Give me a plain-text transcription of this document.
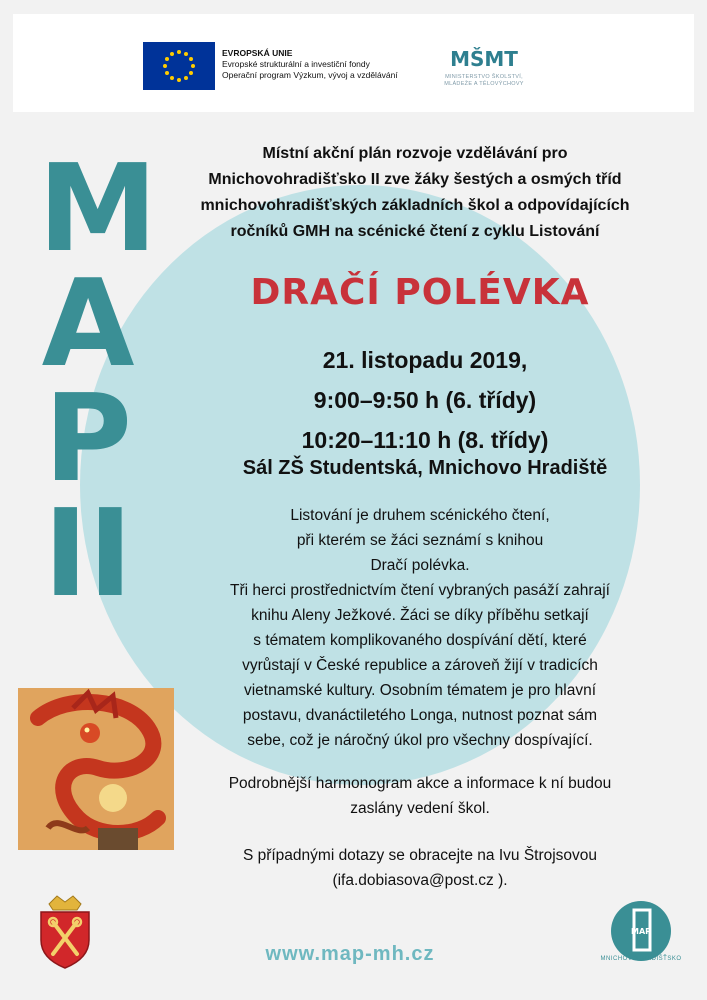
EVROPSKÁ UNIE
Evropské strukturální a investiční fondy
Operační program Výzkum, vývoj a vzdělávání
MŠMT
MINISTERSTVO ŠKOLSTVÍ,
MLÁDEŽE A TĚLOVÝCHOVY
M
A
P
II
Místní akční plán rozvoje vzdělávání pro
Mnichovohradišťsko II zve žáky šestých a osmých tříd
mnichovohradišťských základních škol a odpovídajících
ročníků GMH na scénické čtení z cyklu Listování
DRAČÍ POLÉVKA
21. listopadu 2019,
9:00–9:50 h (6. třídy)
10:20–11:10 h (8. třídy)
Sál ZŠ Studentská, Mnichovo Hradiště
Listování je druhem scénického čtení,
při kterém se žáci seznámí s knihou
Dračí polévka.
Tři herci prostřednictvím čtení vybraných pasáží zahrají
knihu Aleny Ježkové. Žáci se díky příběhu setkají
s tématem komplikovaného dospívání dětí, které
vyrůstají v České republice a zároveň žijí v tradicích
vietnamské kultury. Osobním tématem je pro hlavní
postavu, dvanáctiletého Longa, nutnost poznat sám
sebe, což je náročný úkol pro všechny dospívající.
Podrobnější harmonogram akce a informace k ní budou
zaslány vedení škol.
S případnými dotazy se obracejte na Ivu Štrojsovou
(ifa.dobiasova@post.cz ).
www.map-mh.cz
MAP
MNICHOVOHRADIŠŤSKO
